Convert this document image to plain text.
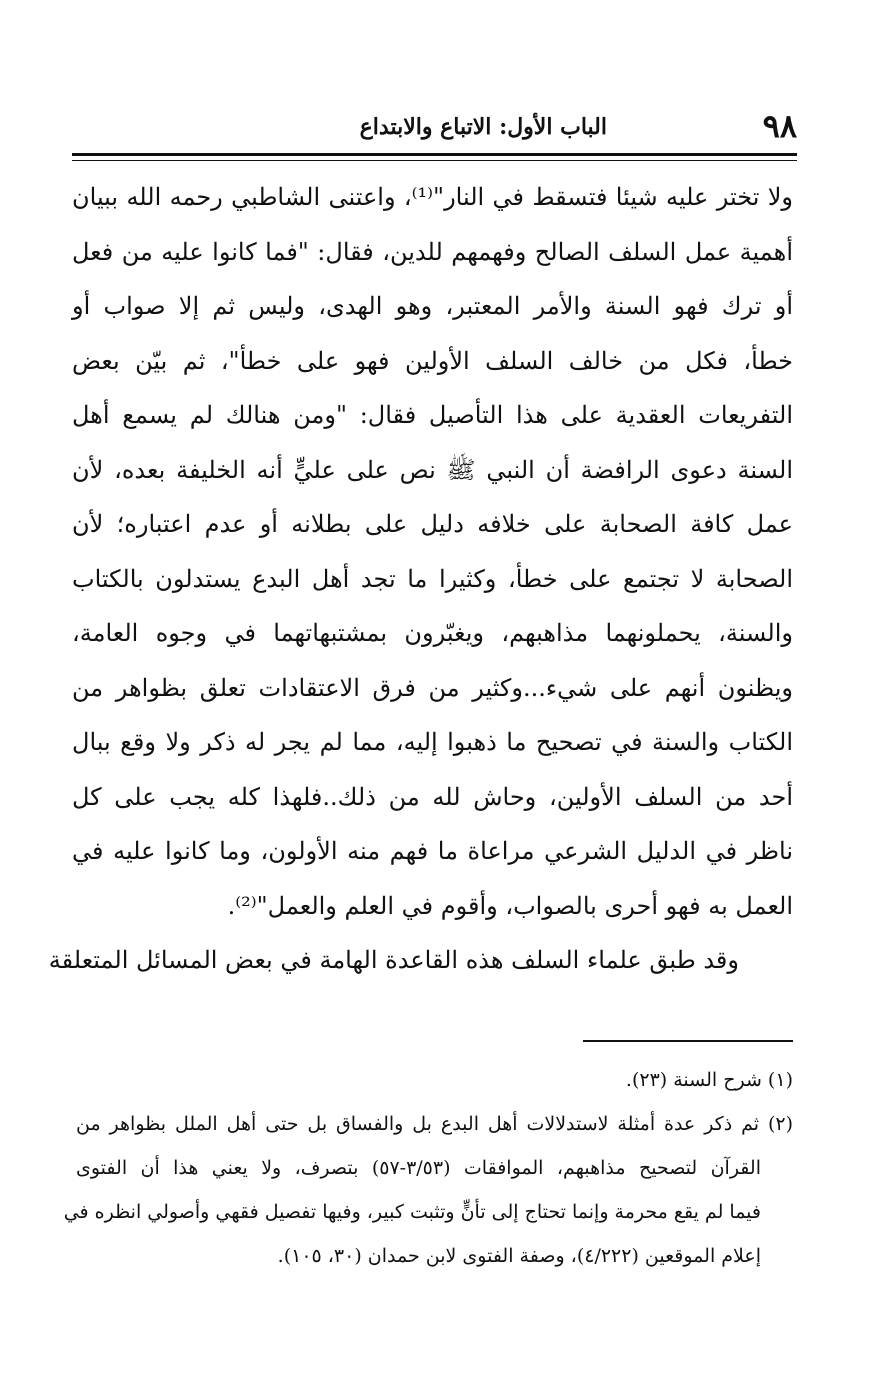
٩٨
الباب الأول: الاتباع والابتداع
ولا تختر عليه شيئا فتسقط في النار"⁽¹⁾، واعتنى الشاطبي رحمه الله ببيان
أهمية عمل السلف الصالح وفهمهم للدين، فقال: "فما كانوا عليه من فعل
أو ترك فهو السنة والأمر المعتبر، وهو الهدى، وليس ثم إلا صواب أو
خطأ، فكل من خالف السلف الأولين فهو على خطأ"، ثم بيّن بعض
التفريعات العقدية على هذا التأصيل فقال: "ومن هنالك لم يسمع أهل
السنة دعوى الرافضة أن النبي ﷺ نص على عليٍّ أنه الخليفة بعده، لأن
عمل كافة الصحابة على خلافه دليل على بطلانه أو عدم اعتباره؛ لأن
الصحابة لا تجتمع على خطأ، وكثيرا ما تجد أهل البدع يستدلون بالكتاب
والسنة، يحملونهما مذاهبهم، ويغبّرون بمشتبهاتهما في وجوه العامة،
ويظنون أنهم على شيء...وكثير من فرق الاعتقادات تعلق بظواهر من
الكتاب والسنة في تصحيح ما ذهبوا إليه، مما لم يجر له ذكر ولا وقع ببال
أحد من السلف الأولين، وحاش لله من ذلك..فلهذا كله يجب على كل
ناظر في الدليل الشرعي مراعاة ما فهم منه الأولون، وما كانوا عليه في
العمل به فهو أحرى بالصواب، وأقوم في العلم والعمل"⁽²⁾.
وقد طبق علماء السلف هذه القاعدة الهامة في بعض المسائل المتعلقة
(١) شرح السنة (٢٣).
(٢) ثم ذكر عدة أمثلة لاستدلالات أهل البدع بل والفساق بل حتى أهل الملل بظواهر من
القرآن لتصحيح مذاهبهم، الموافقات (٣/٥٣-٥٧) بتصرف، ولا يعني هذا أن الفتوى
فيما لم يقع محرمة وإنما تحتاج إلى تأنٍّ وتثبت كبير، وفيها تفصيل فقهي وأصولي انظره في
إعلام الموقعين (٤/٢٢٢)، وصفة الفتوى لابن حمدان (٣٠، ١٠٥).
